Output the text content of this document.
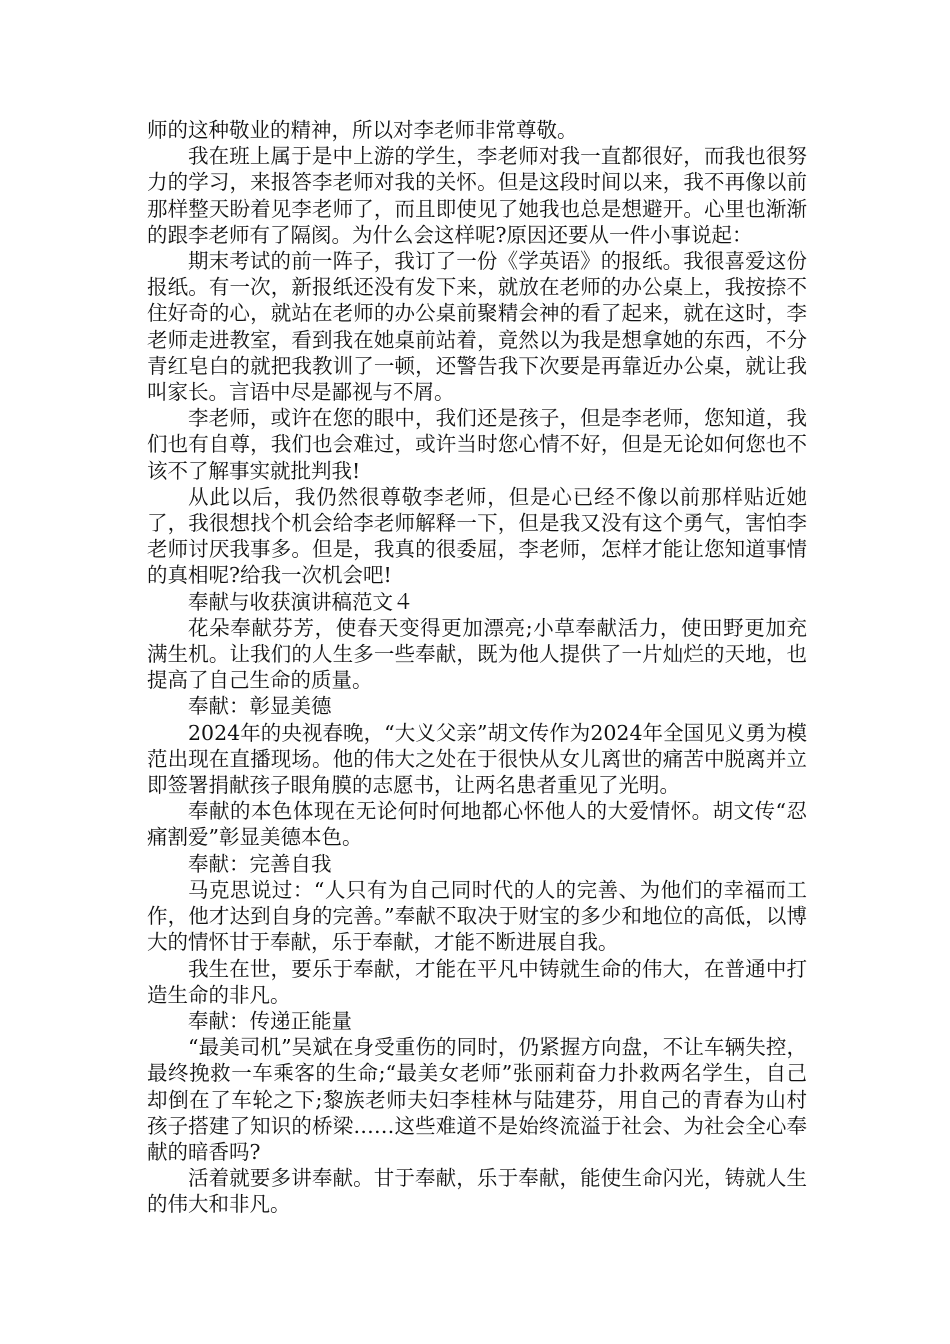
师的这种敬业的精神，所以对李老师非常尊敬。

我在班上属于是中上游的学生，李老师对我一直都很好，而我也很努力的学习，来报答李老师对我的关怀。但是这段时间以来，我不再像以前那样整天盼着见李老师了，而且即使见了她我也总是想避开。心里也渐渐的跟李老师有了隔阂。为什么会这样呢?原因还要从一件小事说起：

期末考试的前一阵子，我订了一份《学英语》的报纸。我很喜爱这份报纸。有一次，新报纸还没有发下来，就放在老师的办公桌上，我按捺不住好奇的心，就站在老师的办公桌前聚精会神的看了起来，就在这时，李老师走进教室，看到我在她桌前站着，竟然以为我是想拿她的东西，不分青红皂白的就把我教训了一顿，还警告我下次要是再靠近办公桌，就让我叫家长。言语中尽是鄙视与不屑。

李老师，或许在您的眼中，我们还是孩子，但是李老师，您知道，我们也有自尊，我们也会难过，或许当时您心情不好，但是无论如何您也不该不了解事实就批判我!

从此以后，我仍然很尊敬李老师，但是心已经不像以前那样贴近她了，我很想找个机会给李老师解释一下，但是我又没有这个勇气，害怕李老师讨厌我事多。但是，我真的很委屈，李老师，怎样才能让您知道事情的真相呢?给我一次机会吧!

奉献与收获演讲稿范文４

花朵奉献芬芳，使春天变得更加漂亮;小草奉献活力，使田野更加充满生机。让我们的人生多一些奉献，既为他人提供了一片灿烂的天地，也提高了自己生命的质量。

奉献：彰显美德

2024年的央视春晚，“大义父亲”胡文传作为2024年全国见义勇为模范出现在直播现场。他的伟大之处在于很快从女儿离世的痛苦中脱离并立即签署捐献孩子眼角膜的志愿书，让两名患者重见了光明。

奉献的本色体现在无论何时何地都心怀他人的大爱情怀。胡文传“忍痛割爱”彰显美德本色。

奉献：完善自我

马克思说过：“人只有为自己同时代的人的完善、为他们的幸福而工作，他才达到自身的完善。”奉献不取决于财宝的多少和地位的高低，以博大的情怀甘于奉献，乐于奉献，才能不断进展自我。

我生在世，要乐于奉献，才能在平凡中铸就生命的伟大，在普通中打造生命的非凡。

奉献：传递正能量

“最美司机”吴斌在身受重伤的同时，仍紧握方向盘，不让车辆失控，最终挽救一车乘客的生命;“最美女老师”张丽莉奋力扑救两名学生，自己却倒在了车轮之下;黎族老师夫妇李桂林与陆建芬，用自己的青春为山村孩子搭建了知识的桥梁……这些难道不是始终流溢于社会、为社会全心奉献的暗香吗?

活着就要多讲奉献。甘于奉献，乐于奉献，能使生命闪光，铸就人生的伟大和非凡。
